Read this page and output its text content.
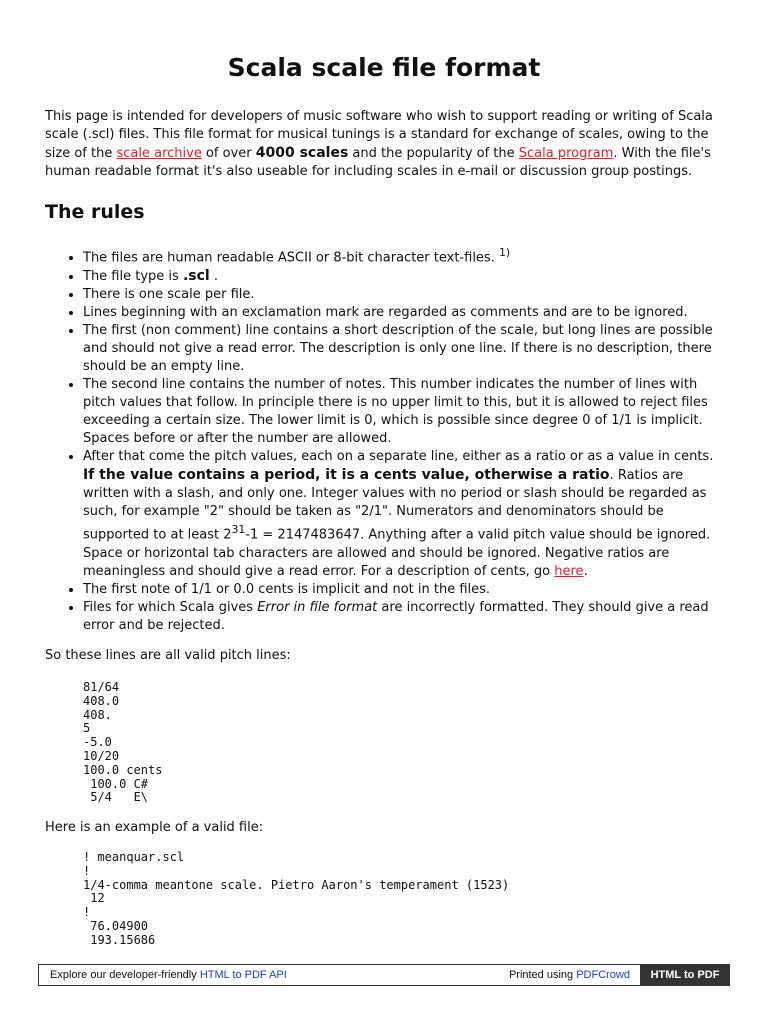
Scala scale file format

This page is intended for developers of music software who wish to support reading or writing of Scala scale (.scl) files. This file format for musical tunings is a standard for exchange of scales, owing to the size of the scale archive of over 4000 scales and the popularity of the Scala program. With the file's human readable format it's also useable for including scales in e-mail or discussion group postings.

The rules
• The files are human readable ASCII or 8-bit character text-files. $^{1)}$
• The file type is .scl .
• There is one scale per file.
• Lines beginning with an exclamation mark are regarded as comments and are to be ignored.
• The first (non comment) line contains a short description of the scale, but long lines are possible and should not give a read error. The description is only one line. If there is no description, there should be an empty line.
• The second line contains the number of notes. This number indicates the number of lines with pitch values that follow. In principle there is no upper limit to this, but it is allowed to reject files exceeding a certain size. The lower limit is 0, which is possible since degree 0 of 1/1 is implicit. Spaces before or after the number are allowed.
• After that come the pitch values, each on a separate line, either as a ratio or as a value in cents. If the value contains a period, it is a cents value, otherwise a ratio. Ratios are written with a slash, and only one. Integer values with no period or slash should be regarded as such, for example "2" should be taken as "2/1". Numerators and denominators should be supported to at least $2^{31}-1 = 2147483647$. Anything after a valid pitch value should be ignored. Space or horizontal tab characters are allowed and should be ignored. Negative ratios are meaningless and should give a read error. For a description of cents, go here.
• The first note of 1/1 or 0.0 cents is implicit and not in the files.
• Files for which Scala gives Error in file format are incorrectly formatted. They should give a read error and be rejected.

So these lines are all valid pitch lines:

81/64
408.0
408.
5
-5.0
10/20
100.0 cents
100.0 C#
5/4   E\

Here is an example of a valid file:

! meanquar.scl
!
1/4-comma meantone scale. Pietro Aaron's temperament (1523)
12
!
76.04900
193.15686
Explore our developer-friendly HTML to PDF API	Printed using PDFCrowd	HTML to PDF
